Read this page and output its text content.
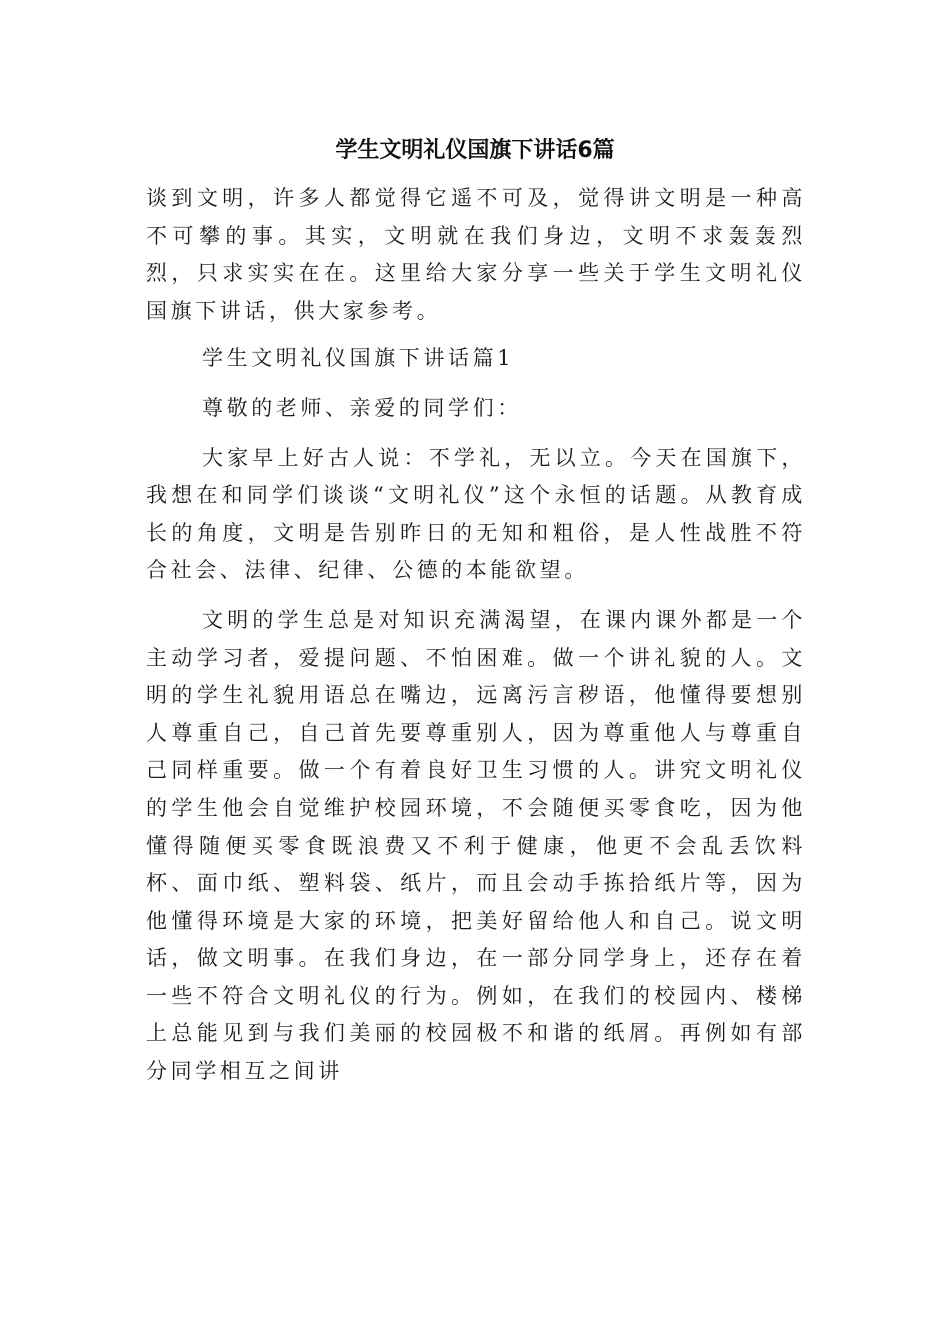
学生文明礼仪国旗下讲话6篇

谈到文明，许多人都觉得它遥不可及，觉得讲文明是一种高不可攀的事。其实，文明就在我们身边，文明不求轰轰烈烈，只求实实在在。这里给大家分享一些关于学生文明礼仪国旗下讲话，供大家参考。

学生文明礼仪国旗下讲话篇1

尊敬的老师、亲爱的同学们：

大家早上好古人说：不学礼，无以立。今天在国旗下，我想在和同学们谈谈“文明礼仪”这个永恒的话题。从教育成长的角度，文明是告别昨日的无知和粗俗，是人性战胜不符合社会、法律、纪律、公德的本能欲望。

文明的学生总是对知识充满渴望，在课内课外都是一个主动学习者，爱提问题、不怕困难。做一个讲礼貌的人。文明的学生礼貌用语总在嘴边，远离污言秽语，他懂得要想别人尊重自己，自己首先要尊重别人，因为尊重他人与尊重自己同样重要。做一个有着良好卫生习惯的人。讲究文明礼仪的学生他会自觉维护校园环境，不会随便买零食吃，因为他懂得随便买零食既浪费又不利于健康，他更不会乱丢饮料杯、面巾纸、塑料袋、纸片，而且会动手拣拾纸片等，因为他懂得环境是大家的环境，把美好留给他人和自己。说文明话，做文明事。在我们身边，在一部分同学身上，还存在着一些不符合文明礼仪的行为。例如，在我们的校园内、楼梯上总能见到与我们美丽的校园极不和谐的纸屑。再例如有部分同学相互之间讲
